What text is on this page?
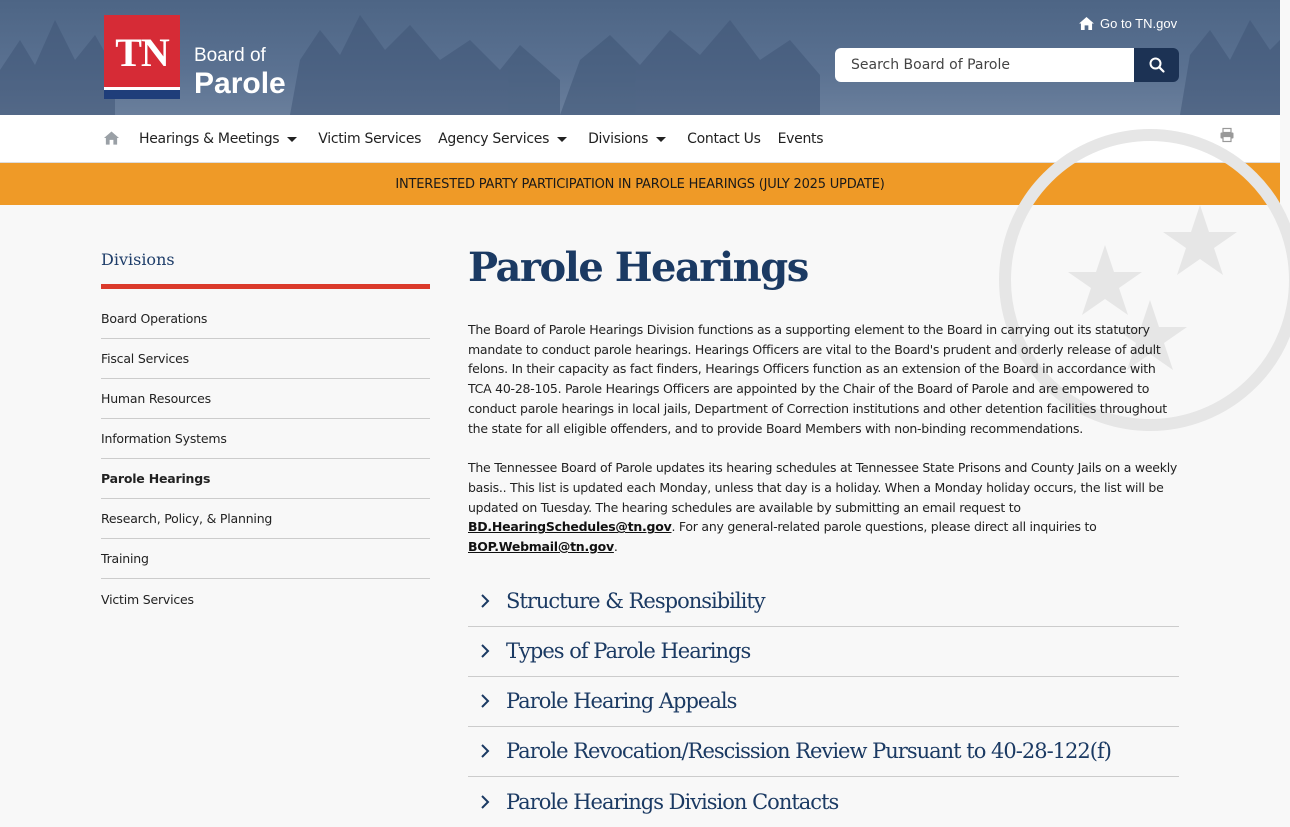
TN	Board of
Parole
Go to TN.gov
Search Board of Parole
Hearings & Meetings	Victim Services Agency Services	Divisions	Contact Us Events
INTERESTED PARTY PARTICIPATION IN PAROLE HEARINGS (JULY 2025 UPDATE)
Divisions
Board Operations
Fiscal Services
Human Resources
Information Systems
Parole Hearings
Research, Policy, & Planning
Training
Victim Services
Parole Hearings

The Board of Parole Hearings Division functions as a supporting element to the Board in carrying out its statutory mandate to conduct parole hearings. Hearings Officers are vital to the Board's prudent and orderly release of adult felons. In their capacity as fact finders, Hearings Officers function as an extension of the Board in accordance with TCA 40-28-105. Parole Hearings Officers are appointed by the Chair of the Board of Parole and are empowered to conduct parole hearings in local jails, Department of Correction institutions and other detention facilities throughout the state for all eligible offenders, and to provide Board Members with non-binding recommendations.

The Tennessee Board of Parole updates its hearing schedules at Tennessee State Prisons and County Jails on a weekly basis.. This list is updated each Monday, unless that day is a holiday. When a Monday holiday occurs, the list will be updated on Tuesday. The hearing schedules are available by submitting an email request to BD.HearingSchedules@tn.gov. For any general-related parole questions, please direct all inquiries to BOP.Webmail@tn.gov.

Structure & Responsibility
Types of Parole Hearings
Parole Hearing Appeals
Parole Revocation/Rescission Review Pursuant to 40-28-122(f)
Parole Hearings Division Contacts
